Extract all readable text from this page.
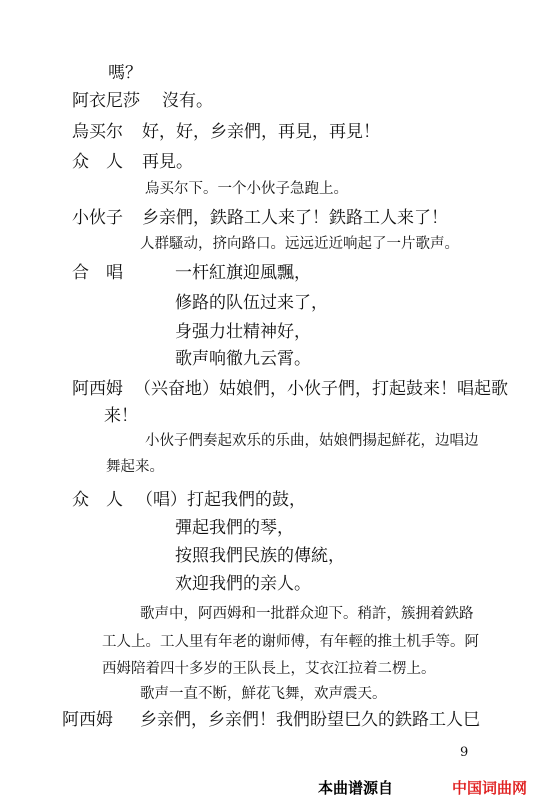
嗎？
阿衣尼莎 沒有。
烏买尔 好，好，乡亲們，再見，再見！
众　人 再見。
烏买尔下。一个小伙子急跑上。
小伙子 乡亲們，鉄路工人来了！鉄路工人来了！
人群騷动，挤向路口。远远近近响起了一片歌声。
合　唱	一杆紅旗迎風飄，
修路的队伍过来了，
身强力壮精神好，
歌声响徹九云霄。
阿西姆 （兴奋地）姑娘們，小伙子們，打起鼓来！唱起歌
来！
小伙子們奏起欢乐的乐曲，姑娘們揚起鮮花，边唱边
舞起来。
众　人 （唱）打起我們的鼓，
彈起我們的琴，
按照我們民族的傳統，
欢迎我們的亲人。
歌声中，阿西姆和一批群众迎下。稍許，簇拥着鉄路
工人上。工人里有年老的谢师傅，有年輕的推土机手等。阿
西姆陪着四十多岁的王队長上，艾衣江拉着二楞上。
歌声一直不断，鮮花飞舞，欢声震天。
阿西姆 乡亲們，乡亲們！我們盼望巳久的鉄路工人巳
9
本曲谱源自	中国词曲网
